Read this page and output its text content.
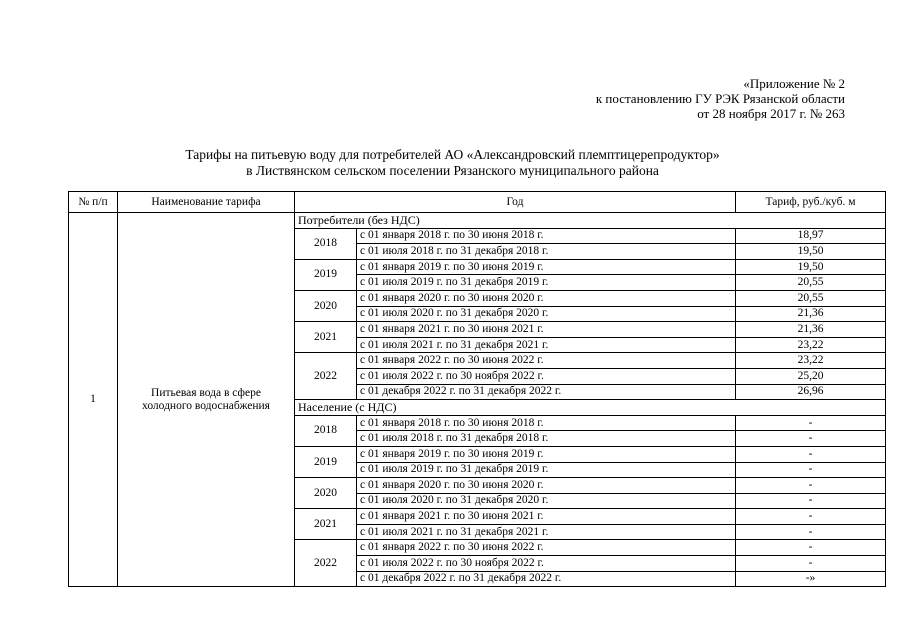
«Приложение № 2
к постановлению ГУ РЭК Рязанской области
от 28 ноября 2017 г. № 263
Тарифы на питьевую воду для потребителей АО «Александровский племптицерепродуктор»
в Листвянском сельском поселении Рязанского муниципального района
№ п/п	Наименование тарифа	Год		Тариф, руб./куб. м
1	Питьевая вода в сфере холодного водоснабжения	Потребители (без НДС)		
		2018	с 01 января 2018 г. по 30 июня 2018 г.	18,97
			с 01 июля 2018 г. по 31 декабря 2018 г.	19,50
		2019	с 01 января 2019 г. по 30 июня 2019 г.	19,50
			с 01 июля 2019 г. по 31 декабря 2019 г.	20,55
		2020	с 01 января 2020 г. по 30 июня 2020 г.	20,55
			с 01 июля 2020 г. по 31 декабря 2020 г.	21,36
		2021	с 01 января 2021 г. по 30 июня 2021 г.	21,36
			с 01 июля 2021 г. по 31 декабря 2021 г.	23,22
		2022	с 01 января 2022 г. по 30 июня 2022 г.	23,22
			с 01 июля 2022 г. по 30 ноября 2022 г.	25,20
			с 01 декабря 2022 г. по 31 декабря 2022 г.	26,96
		Население (с НДС)		
		2018	с 01 января 2018 г. по 30 июня 2018 г.	-
			с 01 июля 2018 г. по 31 декабря 2018 г.	-
		2019	с 01 января 2019 г. по 30 июня 2019 г.	-
			с 01 июля 2019 г. по 31 декабря 2019 г.	-
		2020	с 01 января 2020 г. по 30 июня 2020 г.	-
			с 01 июля 2020 г. по 31 декабря 2020 г.	-
		2021	с 01 января 2021 г. по 30 июня 2021 г.	-
			с 01 июля 2021 г. по 31 декабря 2021 г.	-
		2022	с 01 января 2022 г. по 30 июня 2022 г.	-
			с 01 июля 2022 г. по 30 ноября 2022 г.	-
			с 01 декабря 2022 г. по 31 декабря 2022 г.	-»
